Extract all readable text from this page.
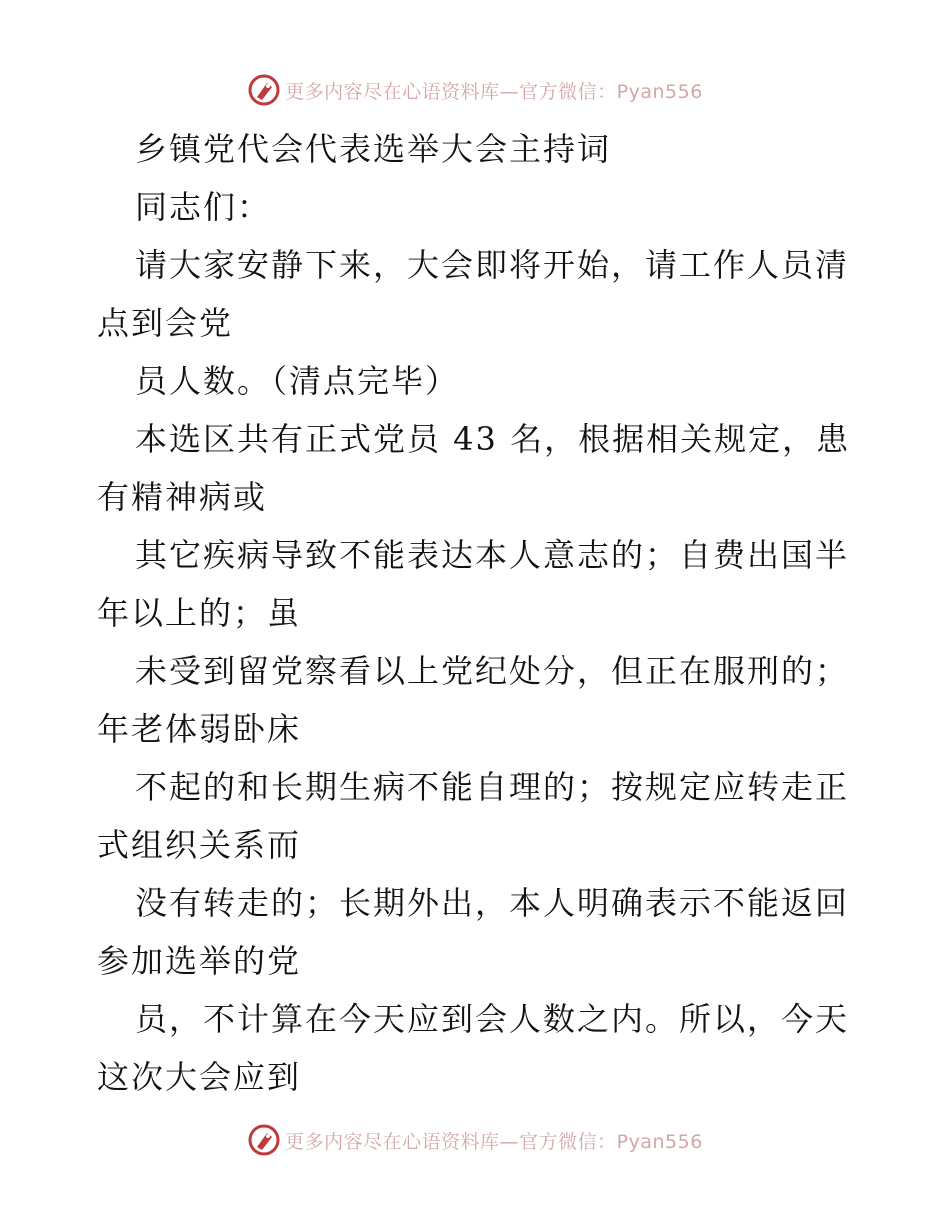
更多内容尽在心语资料库—官方微信：Pyan556

乡镇党代会代表选举大会主持词

同志们：

请大家安静下来，大会即将开始，请工作人员清

点到会党

员人数。（清点完毕）

本选区共有正式党员 43 名，根据相关规定，患

有精神病或

其它疾病导致不能表达本人意志的；自费出国半

年以上的；虽

未受到留党察看以上党纪处分，但正在服刑的；

年老体弱卧床

不起的和长期生病不能自理的；按规定应转走正

式组织关系而

没有转走的；长期外出，本人明确表示不能返回

参加选举的党

员，不计算在今天应到会人数之内。所以，今天

这次大会应到

更多内容尽在心语资料库—官方微信：Pyan556
